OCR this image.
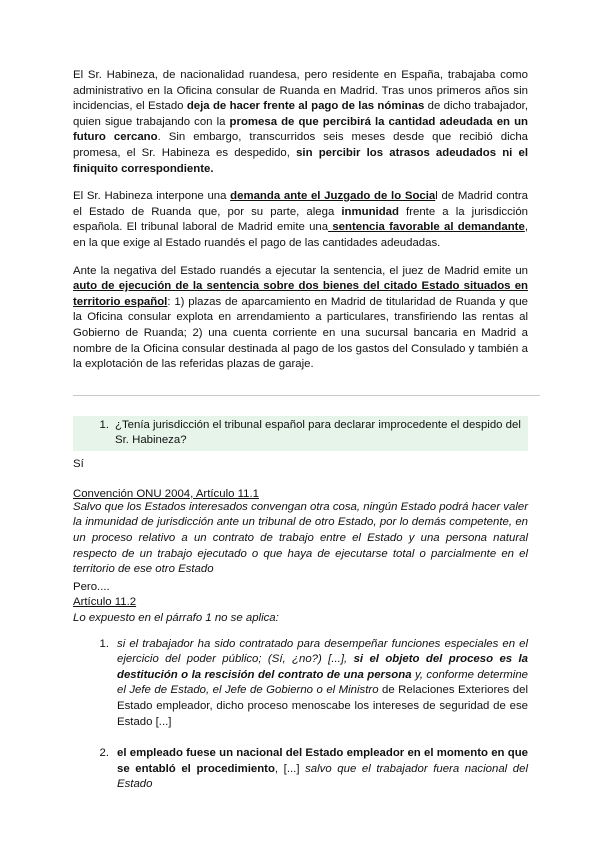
El Sr. Habineza, de nacionalidad ruandesa, pero residente en España, trabajaba como administrativo en la Oficina consular de Ruanda en Madrid. Tras unos primeros años sin incidencias, el Estado deja de hacer frente al pago de las nóminas de dicho trabajador, quien sigue trabajando con la promesa de que percibirá la cantidad adeudada en un futuro cercano. Sin embargo, transcurridos seis meses desde que recibió dicha promesa, el Sr. Habineza es despedido, sin percibir los atrasos adeudados ni el finiquito correspondiente.

El Sr. Habineza interpone una demanda ante el Juzgado de lo Social de Madrid contra el Estado de Ruanda que, por su parte, alega inmunidad frente a la jurisdicción española. El tribunal laboral de Madrid emite una sentencia favorable al demandante, en la que exige al Estado ruandés el pago de las cantidades adeudadas.

Ante la negativa del Estado ruandés a ejecutar la sentencia, el juez de Madrid emite un auto de ejecución de la sentencia sobre dos bienes del citado Estado situados en territorio español: 1) plazas de aparcamiento en Madrid de titularidad de Ruanda y que la Oficina consular explota en arrendamiento a particulares, transfiriendo las rentas al Gobierno de Ruanda; 2) una cuenta corriente en una sucursal bancaria en Madrid a nombre de la Oficina consular destinada al pago de los gastos del Consulado y también a la explotación de las referidas plazas de garaje.

1. ¿Tenía jurisdicción el tribunal español para declarar improcedente el despido del Sr. Habineza?
Sí
Convención ONU 2004, Artículo 11.1

Salvo que los Estados interesados convengan otra cosa, ningún Estado podrá hacer valer la inmunidad de jurisdicción ante un tribunal de otro Estado, por lo demás competente, en un proceso relativo a un contrato de trabajo entre el Estado y una persona natural respecto de un trabajo ejecutado o que haya de ejecutarse total o parcialmente en el territorio de ese otro Estado

Pero....
Artículo 11.2
Lo expuesto en el párrafo 1 no se aplica:
1. si el trabajador ha sido contratado para desempeñar funciones especiales en el ejercicio del poder público; (Sí, ¿no?) [...], si el objeto del proceso es la destitución o la rescisión del contrato de una persona y, conforme determine el Jefe de Estado, el Jefe de Gobierno o el Ministro de Relaciones Exteriores del Estado empleador, dicho proceso menoscabe los intereses de seguridad de ese Estado [...]

2. el empleado fuese un nacional del Estado empleador en el momento en que se entabló el procedimiento, [...] salvo que el trabajador fuera nacional del Estado
